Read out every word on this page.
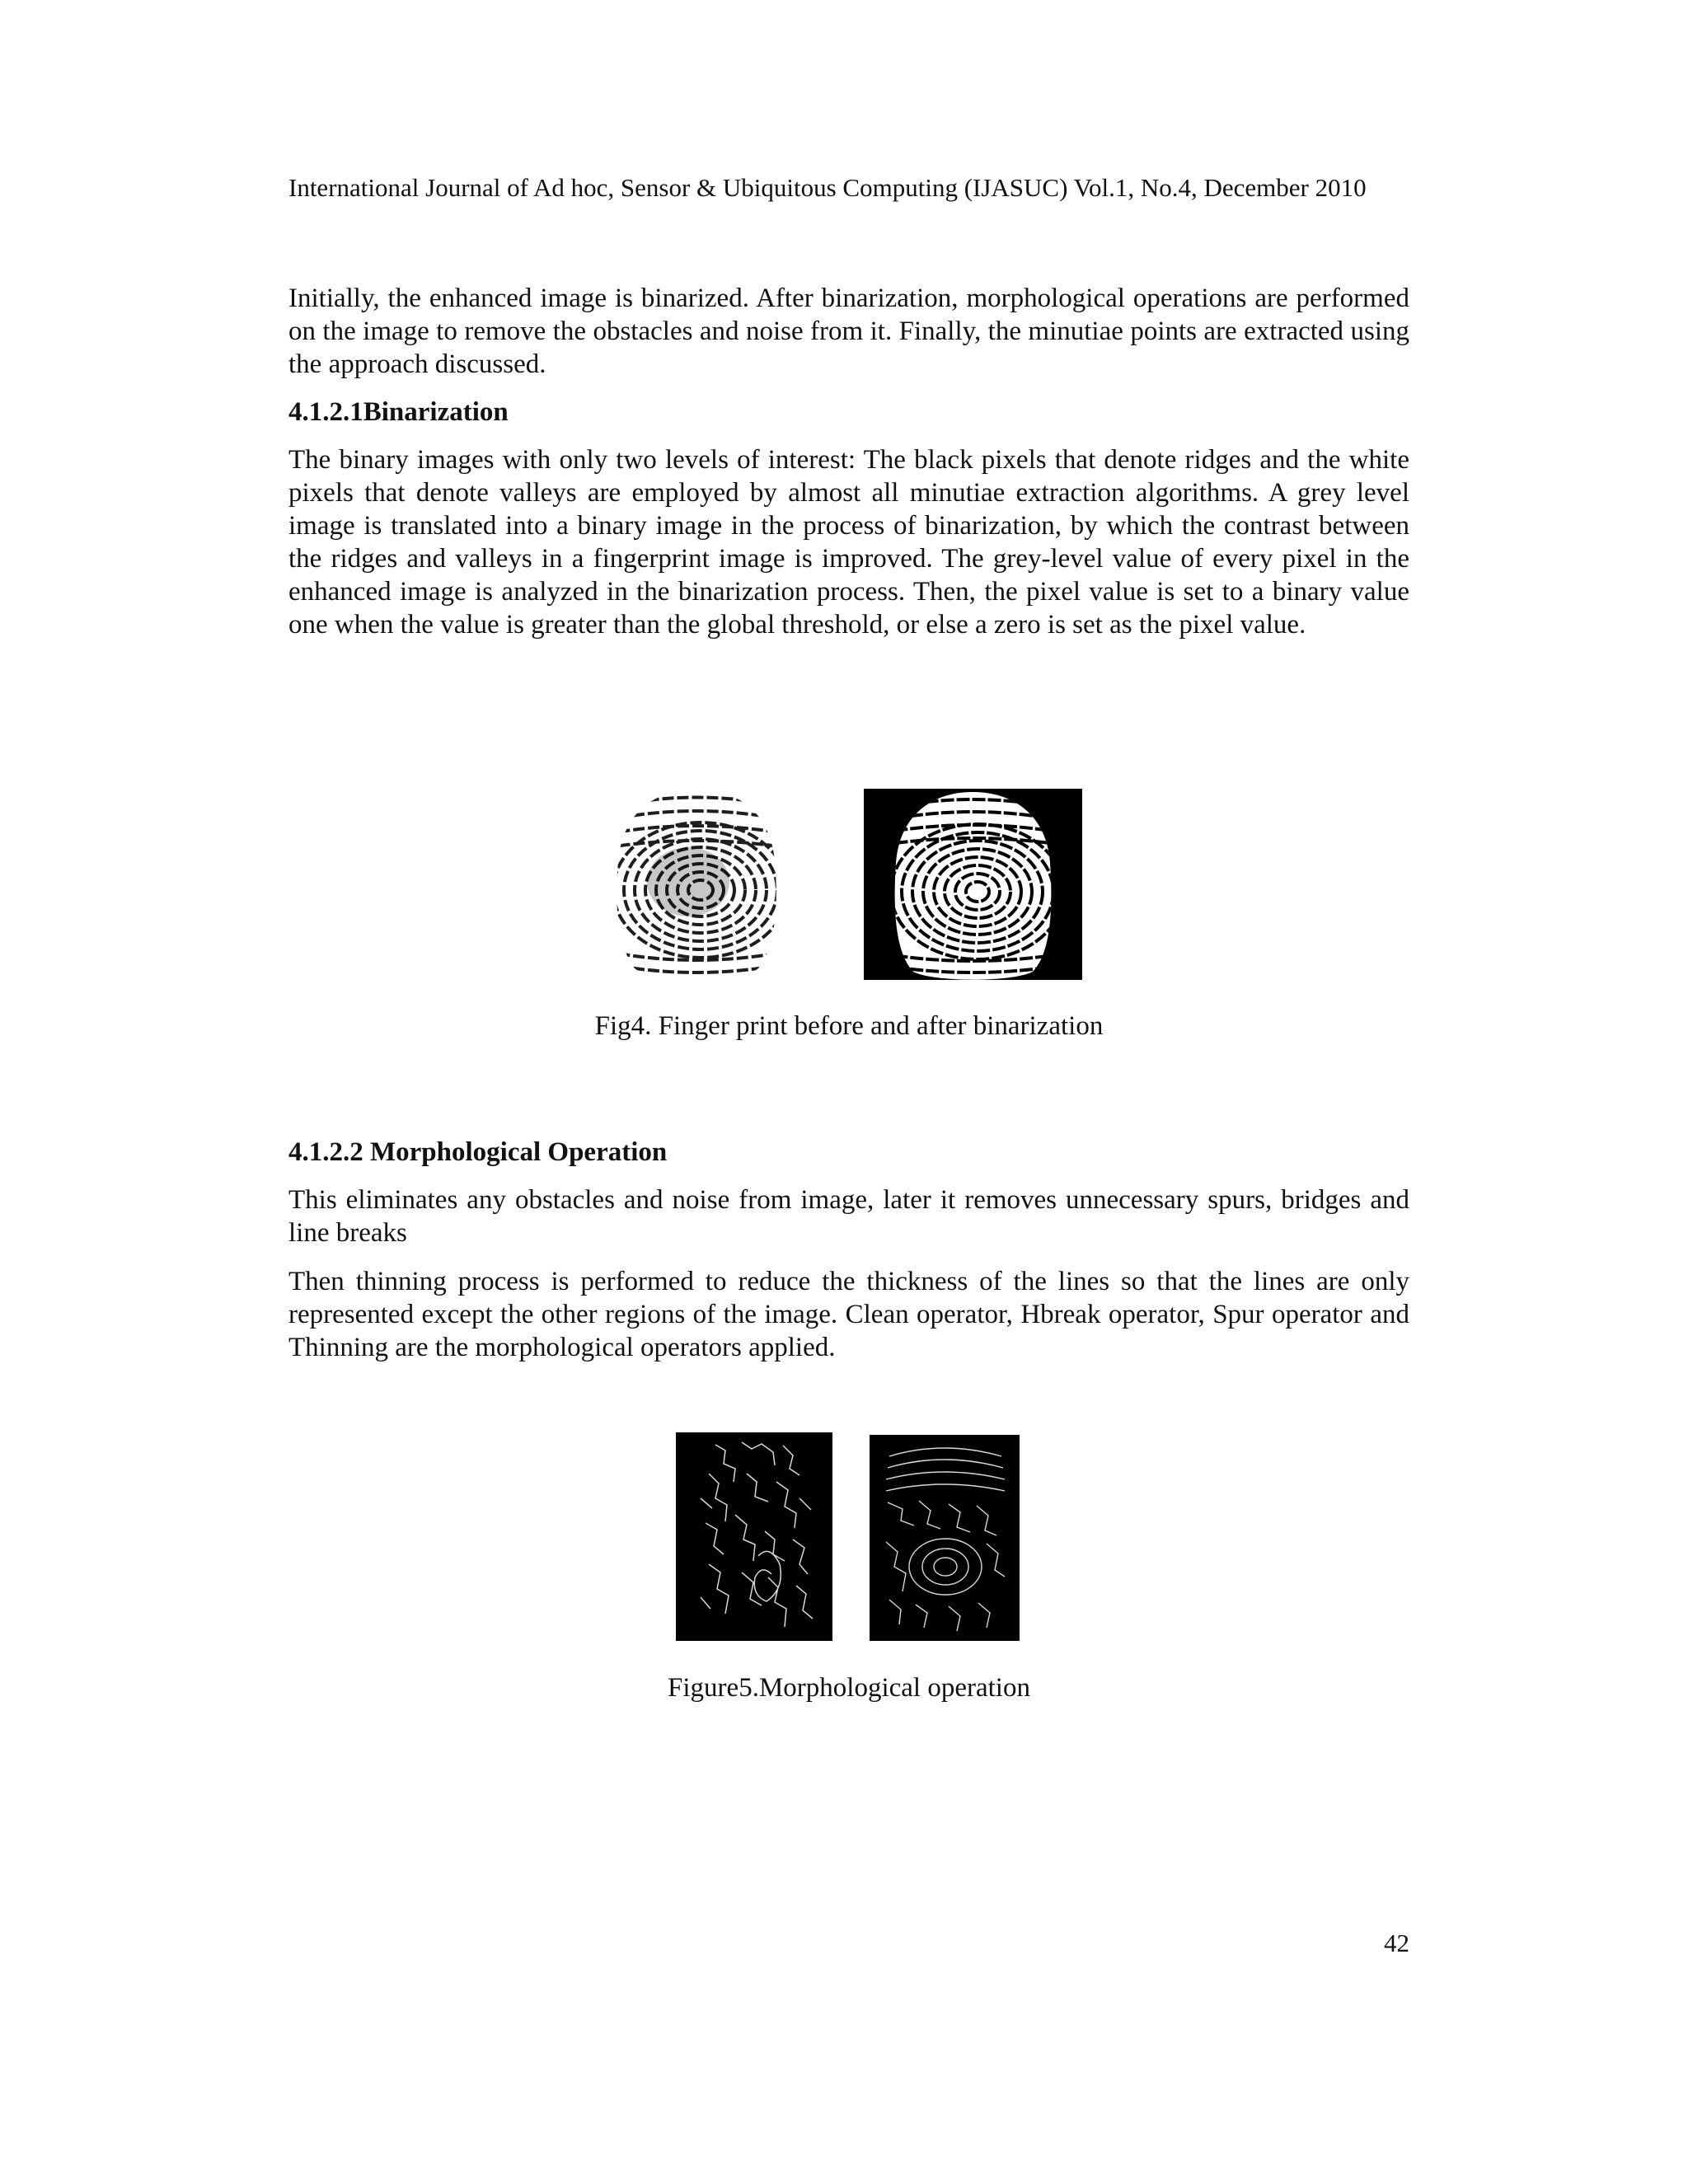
International Journal of Ad hoc, Sensor & Ubiquitous Computing (IJASUC) Vol.1, No.4, December 2010

Initially, the enhanced image is binarized. After binarization, morphological operations are performed on the image to remove the obstacles and noise from it. Finally, the minutiae points are extracted using the approach discussed.

4.1.2.1Binarization

The binary images with only two levels of interest: The black pixels that denote ridges and the white pixels that denote valleys are employed by almost all minutiae extraction algorithms. A grey level image is translated into a binary image in the process of binarization, by which the contrast between the ridges and valleys in a fingerprint image is improved. The grey-level value of every pixel in the enhanced image is analyzed in the binarization process. Then, the pixel value is set to a binary value one when the value is greater than the global threshold, or else a zero is set as the pixel value.

Fig4. Finger print before and after binarization
4.1.2.2 Morphological Operation

This eliminates any obstacles and noise from image, later it removes unnecessary spurs, bridges and line breaks

Then thinning process is performed to reduce the thickness of the lines so that the lines are only represented except the other regions of the image. Clean operator, Hbreak operator, Spur operator and Thinning are the morphological operators applied.

Figure5.Morphological operation
42
